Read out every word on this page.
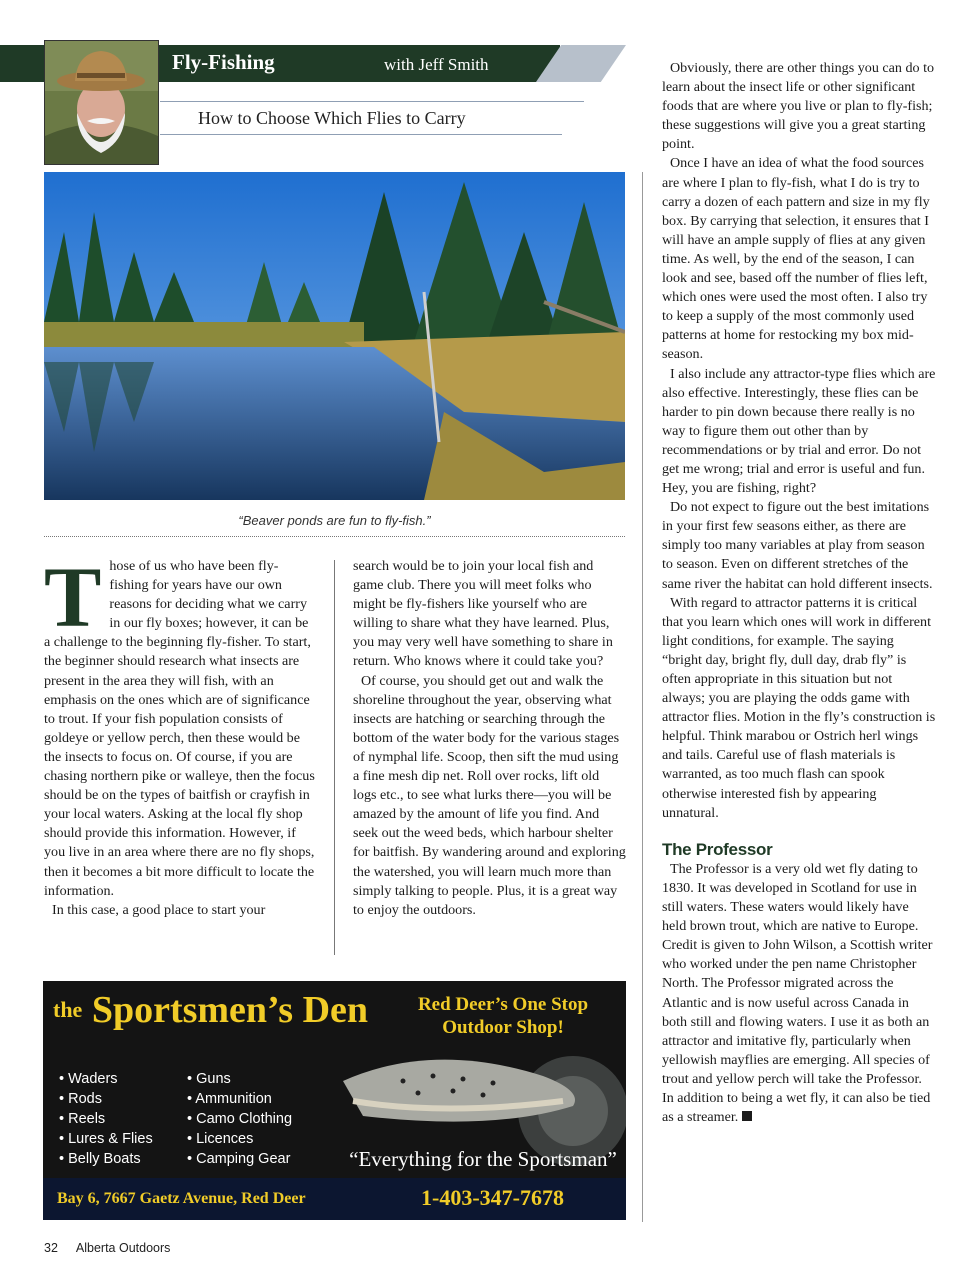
Fly-Fishing	with Jeff Smith
How to Choose Which Flies to Carry
“Beaver ponds are fun to fly-fish.”
T hose of us who have been fly-fishing for years have our own reasons for deciding what we carry in our fly boxes; however, it can be a challenge to the beginning fly-fisher. To start, the beginner should research what insects are present in the area they will fish, with an emphasis on the ones which are of significance to trout. If your fish population consists of goldeye or yellow perch, then these would be the insects to focus on. Of course, if you are chasing northern pike or walleye, then the focus should be on the types of baitfish or crayfish in your local waters. Asking at the local fly shop should provide this information. However, if you live in an area where there are no fly shops, then it becomes a bit more difficult to locate the information.

In this case, a good place to start your

search would be to join your local fish and game club. There you will meet folks who might be fly-fishers like yourself who are willing to share what they have learned. Plus, you may very well have something to share in return. Who knows where it could take you?

Of course, you should get out and walk the shoreline throughout the year, observing what insects are hatching or searching through the bottom of the water body for the various stages of nymphal life. Scoop, then sift the mud using a fine mesh dip net. Roll over rocks, lift old logs etc., to see what lurks there—you will be amazed by the amount of life you find. And seek out the weed beds, which harbour shelter for baitfish. By wandering around and exploring the watershed, you will learn much more than simply talking to people. Plus, it is a great way to enjoy the outdoors.

Obviously, there are other things you can do to learn about the insect life or other significant foods that are where you live or plan to fly-fish; these suggestions will give you a great starting point.

Once I have an idea of what the food sources are where I plan to fly-fish, what I do is try to carry a dozen of each pattern and size in my fly box. By carrying that selection, it ensures that I will have an ample supply of flies at any given time. As well, by the end of the season, I can look and see, based off the number of flies left, which ones were used the most often. I also try to keep a supply of the most commonly used patterns at home for restocking my box mid-season.

I also include any attractor-type flies which are also effective. Interestingly, these flies can be harder to pin down because there really is no way to figure them out other than by recommendations or by trial and error. Do not get me wrong; trial and error is useful and fun. Hey, you are fishing, right?

Do not expect to figure out the best imitations in your first few seasons either, as there are simply too many variables at play from season to season. Even on different stretches of the same river the habitat can hold different insects.

With regard to attractor patterns it is critical that you learn which ones will work in different light conditions, for example. The saying “bright day, bright fly, dull day, drab fly” is often appropriate in this situation but not always; you are playing the odds game with attractor flies. Motion in the fly’s construction is helpful. Think marabou or Ostrich herl wings and tails. Careful use of flash materials is warranted, as too much flash can spook otherwise interested fish by appearing unnatural.

The Professor

The Professor is a very old wet fly dating to 1830. It was developed in Scotland for use in still waters. These waters would likely have held brown trout, which are native to Europe. Credit is given to John Wilson, a Scottish writer who worked under the pen name Christopher North. The Professor migrated across the Atlantic and is now useful across Canada in both still and flowing waters. I use it as both an attractor and imitative fly, particularly when yellowish mayflies are emerging. All species of trout and yellow perch will take the Professor. In addition to being a wet fly, it can also be tied as a streamer.

$^{the}$ Sportsmen’s Den	Red Deer’s One Stop Outdoor Shop!
• Waders
• Rods
• Reels
• Lures & Flies
• Belly Boats
• Guns
• Ammunition
• Camo Clothing
• Licences
• Camping Gear	“Everything for the Sportsman”
Bay 6, 7667 Gaetz Avenue, Red Deer	1-403-347-7678
32 Alberta Outdoors
